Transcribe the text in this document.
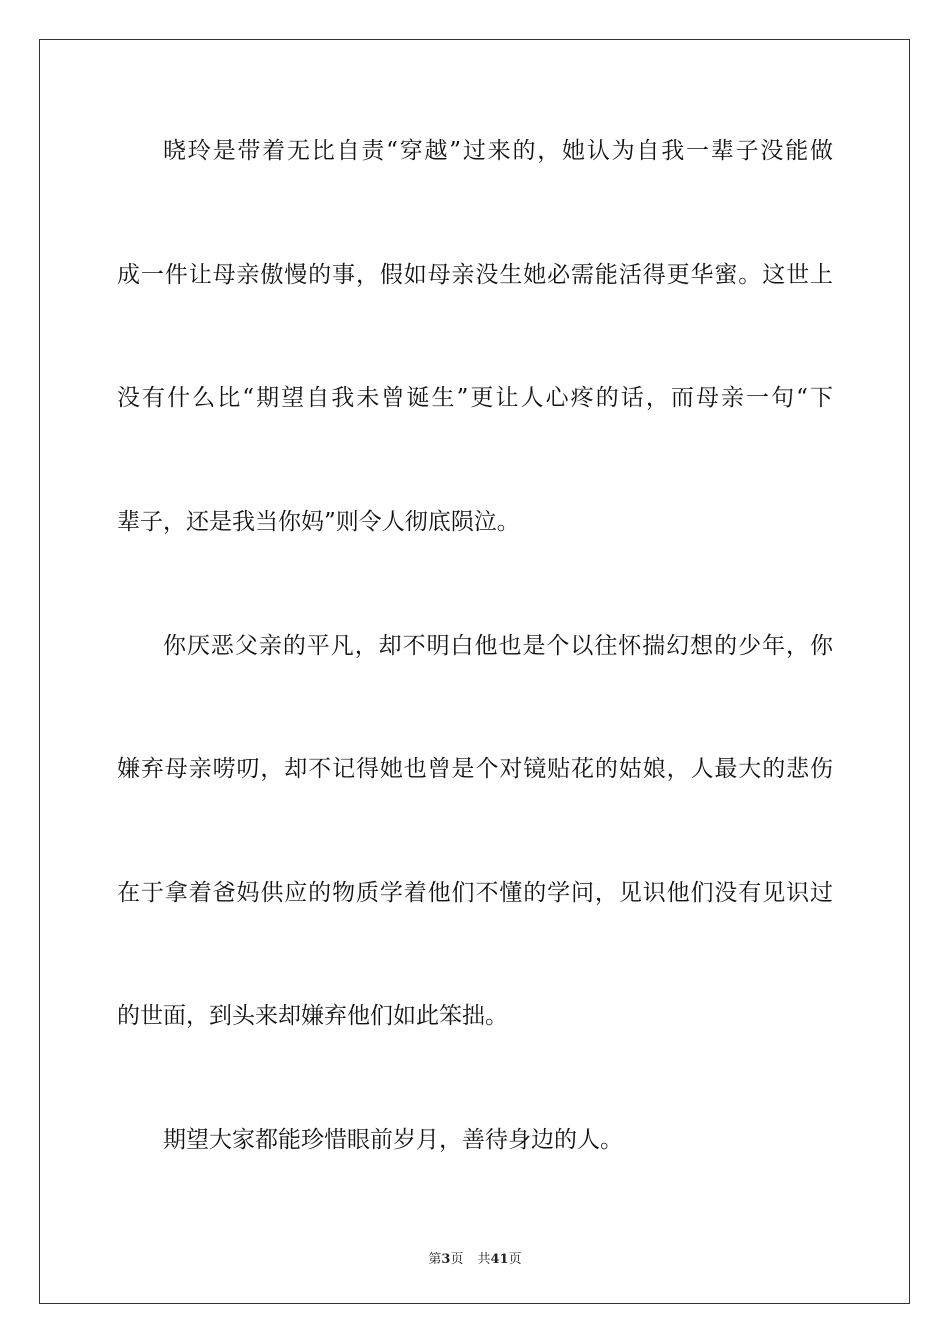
晓玲是带着无比自责“穿越”过来的，她认为自我一辈子没能做
成一件让母亲傲慢的事，假如母亲没生她必需能活得更华蜜。这世上
没有什么比“期望自我未曾诞生”更让人心疼的话，而母亲一句“下
辈子，还是我当你妈”则令人彻底陨泣。
你厌恶父亲的平凡，却不明白他也是个以往怀揣幻想的少年，你
嫌弃母亲唠叨，却不记得她也曾是个对镜贴花的姑娘，人最大的悲伤
在于拿着爸妈供应的物质学着他们不懂的学问，见识他们没有见识过
的世面，到头来却嫌弃他们如此笨拙。
期望大家都能珍惜眼前岁月，善待身边的人。
第3页 共41页
